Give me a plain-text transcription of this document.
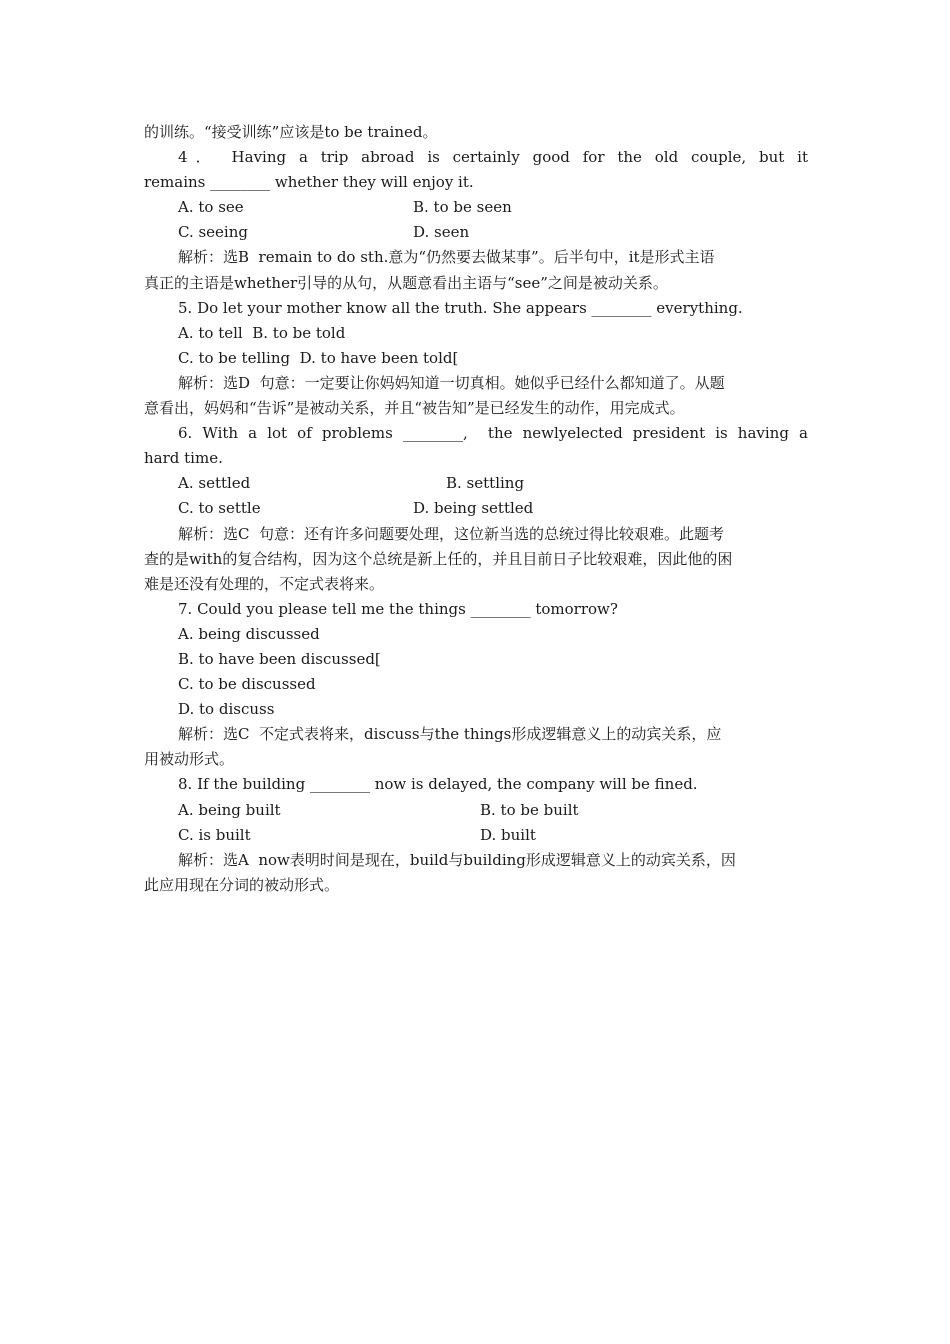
的训练。“接受训练”应该是to be trained。
4． Having a trip abroad is certainly good for the old couple, but it
remains ________ whether they will enjoy it.
A. to see	B. to be seen
C. seeing	D. seen
解析：选B  remain to do sth.意为“仍然要去做某事”。后半句中，it是形式主语
真正的主语是whether引导的从句，从题意看出主语与“see”之间是被动关系。
5. Do let your mother know all the truth. She appears ________ everything.
A. to tell  B. to be told
C. to be telling  D. to have been told[
解析：选D  句意：一定要让你妈妈知道一切真相。她似乎已经什么都知道了。从题
意看出，妈妈和“告诉”是被动关系，并且“被告知”是已经发生的动作，用完成式。
6. With a lot of problems ________,  the newlyelected president is having a
hard time.
A. settled	B. settling
C. to settle	D. being settled
解析：选C  句意：还有许多问题要处理，这位新当选的总统过得比较艰难。此题考
查的是with的复合结构，因为这个总统是新上任的，并且目前日子比较艰难，因此他的困
难是还没有处理的，不定式表将来。
7. Could you please tell me the things ________ tomorrow?
A. being discussed
B. to have been discussed[
C. to be discussed
D. to discuss
解析：选C  不定式表将来，discuss与the things形成逻辑意义上的动宾关系，应
用被动形式。
8. If the building ________ now is delayed, the company will be fined.
A. being built	B. to be built
C. is built	D. built
解析：选A  now表明时间是现在，build与building形成逻辑意义上的动宾关系，因
此应用现在分词的被动形式。
